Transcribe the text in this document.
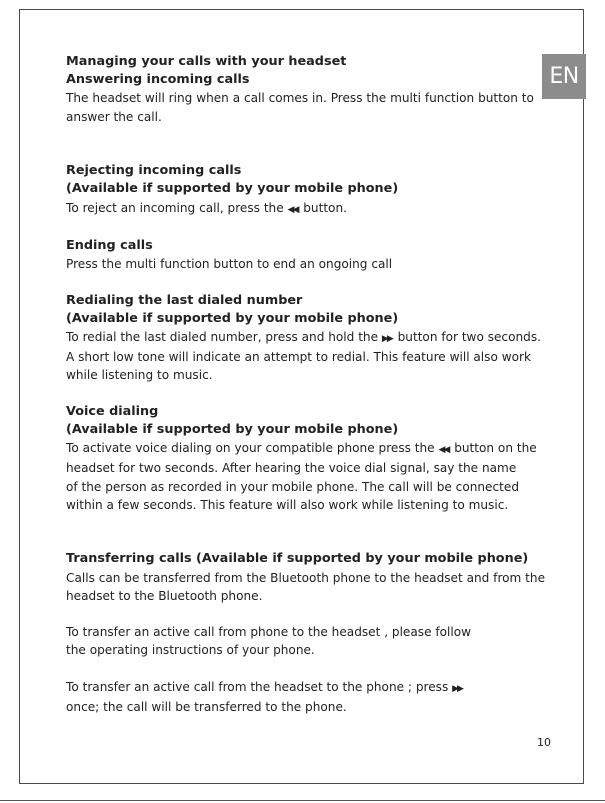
EN
Managing your calls with your headset
Answering incoming calls
The headset will ring when a call comes in. Press the multi function button to
answer the call.
Rejecting incoming calls
(Available if supported by your mobile phone)
To reject an incoming call, press the ◀◀ button.
Ending calls
Press the multi function button to end an ongoing call
Redialing the last dialed number
(Available if supported by your mobile phone)
To redial the last dialed number, press and hold the ▶▶ button for two seconds.
A short low tone will indicate an attempt to redial. This feature will also work
while listening to music.
Voice dialing
(Available if supported by your mobile phone)
To activate voice dialing on your compatible phone press the ◀◀ button on the
headset for two seconds. After hearing the voice dial signal, say the name
of the person as recorded in your mobile phone. The call will be connected
within a few seconds. This feature will also work while listening to music.
Transferring calls (Available if supported by your mobile phone)
Calls can be transferred from the Bluetooth phone to the headset and from the
headset to the Bluetooth phone.
To transfer an active call from phone to the headset , please follow
the operating instructions of your phone.
To transfer an active call from the headset to the phone ; press ▶▶
once; the call will be transferred to the phone.
10
